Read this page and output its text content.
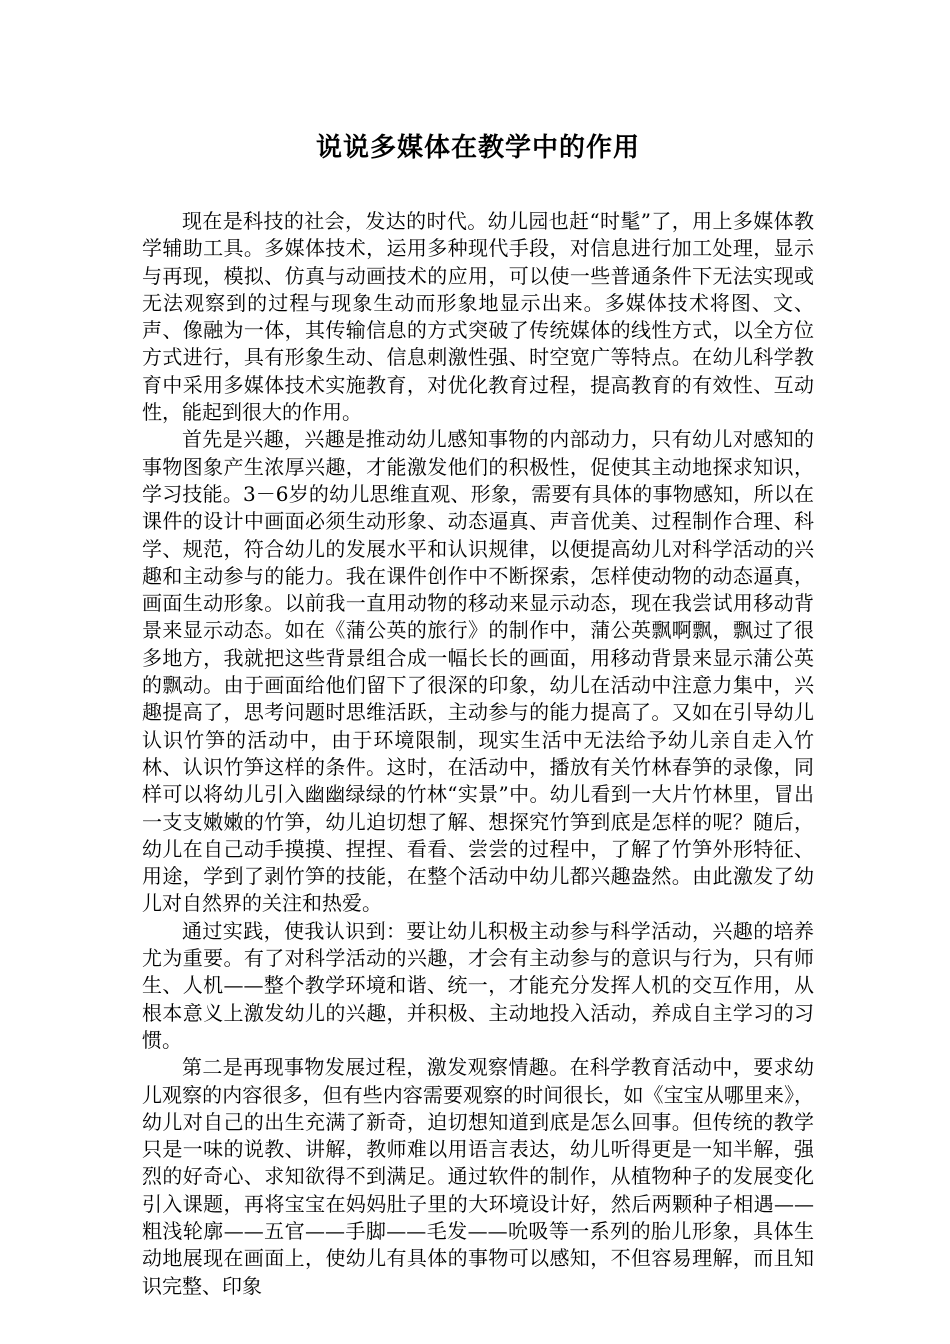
说说多媒体在教学中的作用

现在是科技的社会，发达的时代。幼儿园也赶“时髦”了，用上多媒体教学辅助工具。多媒体技术，运用多种现代手段，对信息进行加工处理，显示与再现，模拟、仿真与动画技术的应用，可以使一些普通条件下无法实现或无法观察到的过程与现象生动而形象地显示出来。多媒体技术将图、文、声、像融为一体，其传输信息的方式突破了传统媒体的线性方式，以全方位方式进行，具有形象生动、信息刺激性强、时空宽广等特点。在幼儿科学教育中采用多媒体技术实施教育，对优化教育过程，提高教育的有效性、互动性，能起到很大的作用。

首先是兴趣，兴趣是推动幼儿感知事物的内部动力，只有幼儿对感知的事物图象产生浓厚兴趣，才能激发他们的积极性，促使其主动地探求知识，学习技能。3－6岁的幼儿思维直观、形象，需要有具体的事物感知，所以在课件的设计中画面必须生动形象、动态逼真、声音优美、过程制作合理、科学、规范，符合幼儿的发展水平和认识规律，以便提高幼儿对科学活动的兴趣和主动参与的能力。我在课件创作中不断探索，怎样使动物的动态逼真，画面生动形象。以前我一直用动物的移动来显示动态，现在我尝试用移动背景来显示动态。如在《蒲公英的旅行》的制作中，蒲公英飘啊飘，飘过了很多地方，我就把这些背景组合成一幅长长的画面，用移动背景来显示蒲公英的飘动。由于画面给他们留下了很深的印象，幼儿在活动中注意力集中，兴趣提高了，思考问题时思维活跃，主动参与的能力提高了。又如在引导幼儿认识竹笋的活动中，由于环境限制，现实生活中无法给予幼儿亲自走入竹林、认识竹笋这样的条件。这时，在活动中，播放有关竹林春笋的录像，同样可以将幼儿引入幽幽绿绿的竹林“实景”中。幼儿看到一大片竹林里，冒出一支支嫩嫩的竹笋，幼儿迫切想了解、想探究竹笋到底是怎样的呢？随后，幼儿在自己动手摸摸、捏捏、看看、尝尝的过程中，了解了竹笋外形特征、用途，学到了剥竹笋的技能，在整个活动中幼儿都兴趣盎然。由此激发了幼儿对自然界的关注和热爱。

通过实践，使我认识到：要让幼儿积极主动参与科学活动，兴趣的培养尤为重要。有了对科学活动的兴趣，才会有主动参与的意识与行为，只有师生、人机——整个教学环境和谐、统一，才能充分发挥人机的交互作用，从根本意义上激发幼儿的兴趣，并积极、主动地投入活动，养成自主学习的习惯。

第二是再现事物发展过程，激发观察情趣。在科学教育活动中，要求幼儿观察的内容很多，但有些内容需要观察的时间很长，如《宝宝从哪里来》，幼儿对自己的出生充满了新奇，迫切想知道到底是怎么回事。但传统的教学只是一味的说教、讲解，教师难以用语言表达，幼儿听得更是一知半解，强烈的好奇心、求知欲得不到满足。通过软件的制作，从植物种子的发展变化引入课题，再将宝宝在妈妈肚子里的大环境设计好，然后两颗种子相遇——粗浅轮廓——五官——手脚——毛发——吮吸等一系列的胎儿形象，具体生动地展现在画面上，使幼儿有具体的事物可以感知，不但容易理解，而且知识完整、印象
